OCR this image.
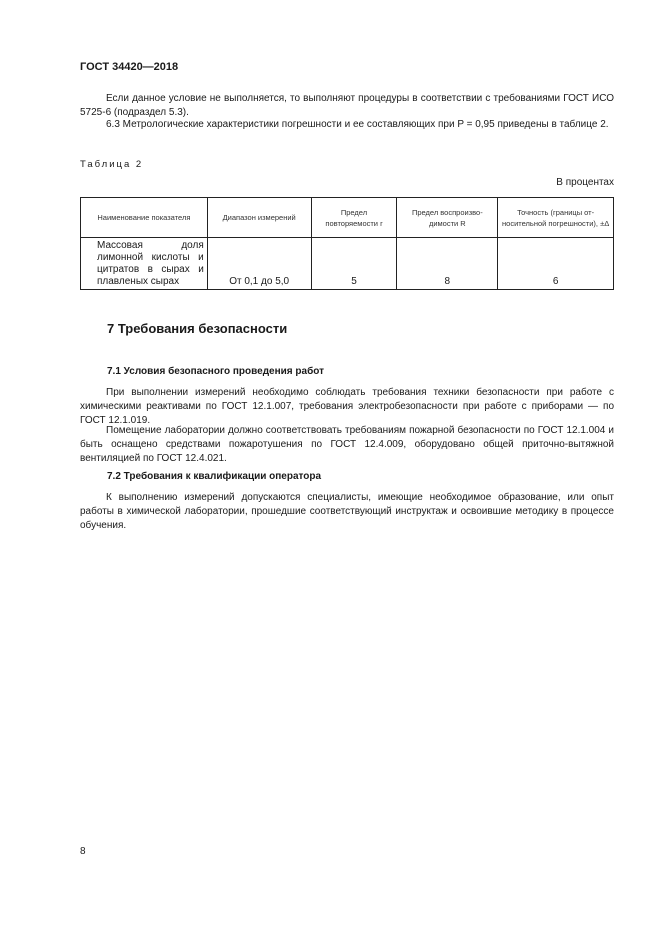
ГОСТ 34420—2018
Если данное условие не выполняется, то выполняют процедуры в соответствии с требованиями ГОСТ ИСО 5725-6 (подраздел 5.3).
6.3 Метрологические характеристики погрешности и ее составляющих при P = 0,95 приведены в таблице 2.
Таблица 2
В процентах
Наименование показателя	Диапазон измерений	Предел повторяемости r	Предел воспроизводимости R	Точность (границы относительной погрешности), ±Δ
Массовая доля лимонной кислоты и цитратов в сырах и плавленых сырах	От 0,1 до 5,0	5	8	6
7 Требования безопасности
7.1 Условия безопасного проведения работ
При выполнении измерений необходимо соблюдать требования техники безопасности при работе с химическими реактивами по ГОСТ 12.1.007, требования электробезопасности при работе с приборами — по ГОСТ 12.1.019.
Помещение лаборатории должно соответствовать требованиям пожарной безопасности по ГОСТ 12.1.004 и быть оснащено средствами пожаротушения по ГОСТ 12.4.009, оборудовано общей приточно-вытяжной вентиляцией по ГОСТ 12.4.021.
7.2 Требования к квалификации оператора
К выполнению измерений допускаются специалисты, имеющие необходимое образование, или опыт работы в химической лаборатории, прошедшие соответствующий инструктаж и освоившие методику в процессе обучения.
8
